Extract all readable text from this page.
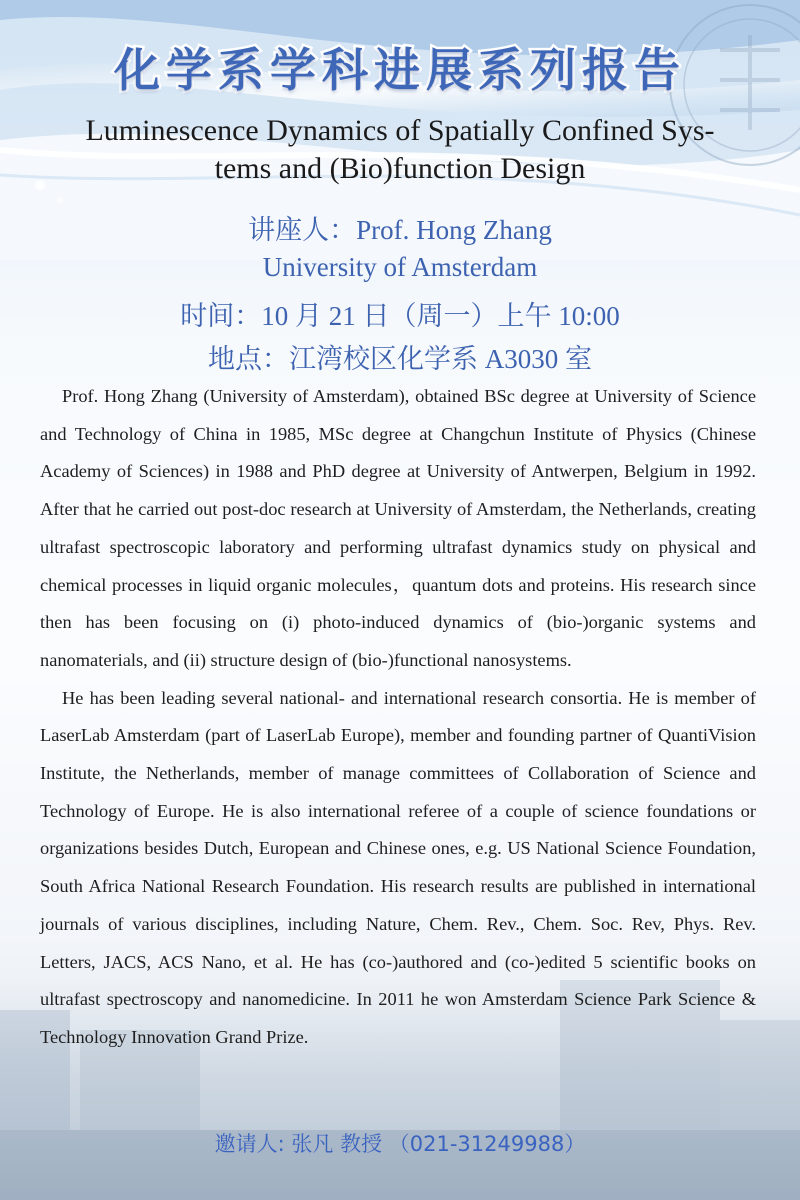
化学系学科进展系列报告
Luminescence Dynamics of Spatially Confined Sys-
tems and (Bio)function Design
讲座人：Prof. Hong Zhang
University of Amsterdam
时间：10 月 21 日（周一）上午 10:00
地点：江湾校区化学系 A3030 室

Prof. Hong Zhang (University of Amsterdam), obtained BSc degree at University of Science and Technology of China in 1985, MSc degree at Changchun Institute of Physics (Chinese Academy of Sciences) in 1988 and PhD degree at University of Antwerpen, Belgium in 1992. After that he carried out post-doc research at University of Amsterdam, the Netherlands, creating ultrafast spectroscopic laboratory and performing ultrafast dynamics study on physical and chemical processes in liquid organic molecules，quantum dots and proteins. His research since then has been focusing on (i) photo-induced dynamics of (bio-)organic systems and nanomaterials, and (ii) structure design of (bio-)functional nanosystems.

He has been leading several national- and international research consortia. He is member of LaserLab Amsterdam (part of LaserLab Europe), member and founding partner of QuantiVision Institute, the Netherlands, member of manage committees of Collaboration of Science and Technology of Europe. He is also international referee of a couple of science foundations or organizations besides Dutch, European and Chinese ones, e.g. US National Science Foundation, South Africa National Research Foundation. His research results are published in international journals of various disciplines, including Nature, Chem. Rev., Chem. Soc. Rev, Phys. Rev. Letters, JACS, ACS Nano, et al. He has (co-)authored and (co-)edited 5 scientific books on ultrafast spectroscopy and nanomedicine. In 2011 he won Amsterdam Science Park Science & Technology Innovation Grand Prize.

邀请人: 张凡 教授 （021-31249988）
